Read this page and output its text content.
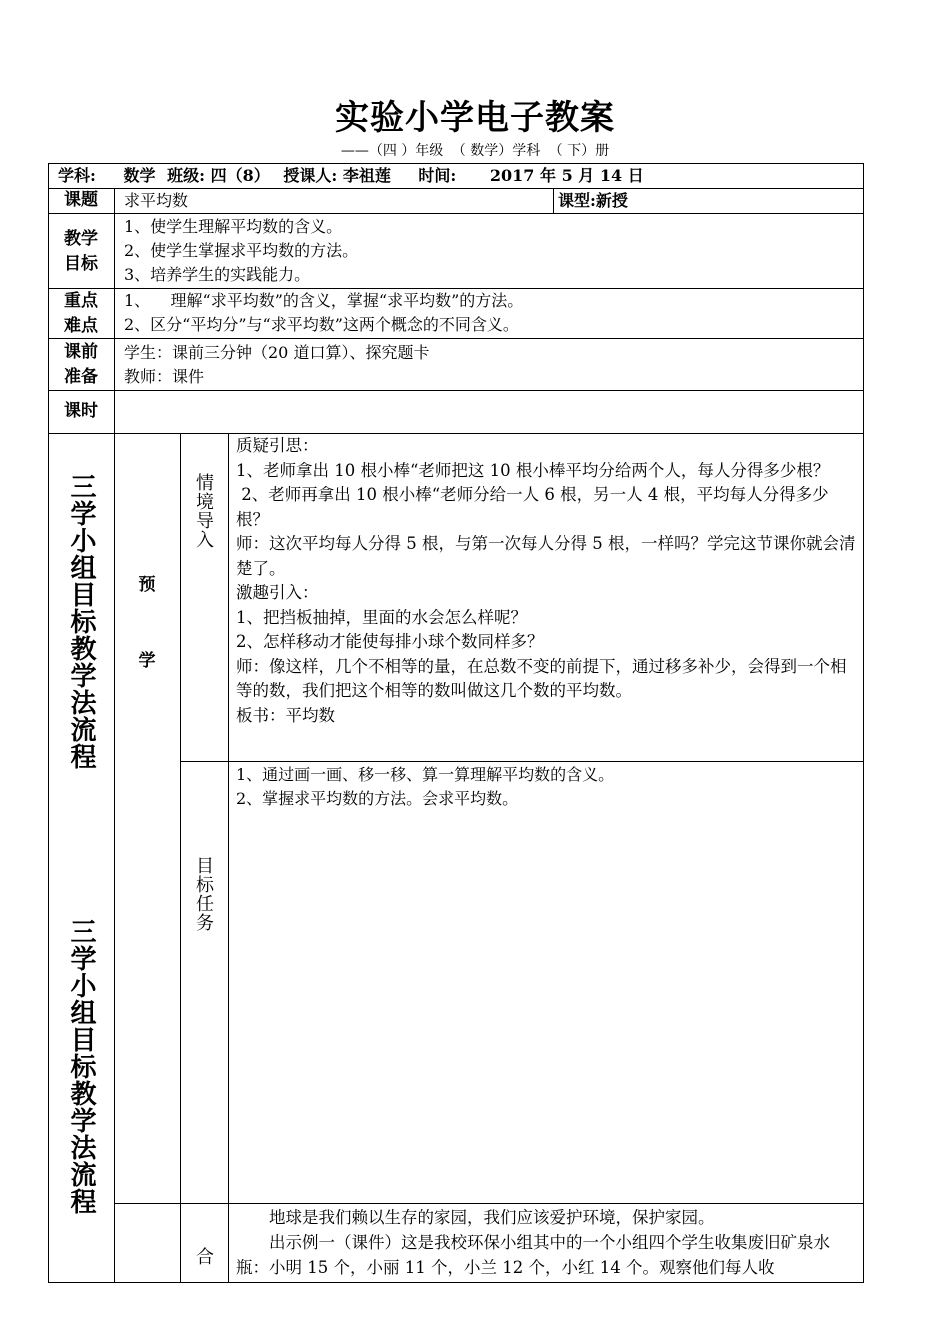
实验小学电子教案
——（四 ）年级 （ 数学）学科 （ 下）册
学科: 数学 班级: 四（8） 授课人: 李祖莲 时间: 2017 年 5 月 14 日
课题	求平均数	课型:新授

教学

目标

1、使学生理解平均数的含义。

2、使学生掌握求平均数的方法。

3、培养学生的实践能力。

重点

难点

1、    理解“求平均数”的含义，掌握“求平均数”的方法。

2、区分“平均分”与“求平均数”这两个概念的不同含义。

课前

准备

学生：课前三分钟（20 道口算）、探究题卡

教师：课件

课时
三学小组目标教学法流程
三学小组目标教学法流程
预
学
情境导入
目标任务
合

质疑引思：

1、老师拿出 10 根小棒“老师把这 10 根小棒平均分给两个人，每人分得多少根？

2、老师再拿出 10 根小棒“老师分给一人 6 根，另一人 4 根，平均每人分得多少根？

师：这次平均每人分得 5 根，与第一次每人分得 5 根，一样吗？学完这节课你就会清楚了。

激趣引入：

1、把挡板抽掉，里面的水会怎么样呢？

2、怎样移动才能使每排小球个数同样多？

师：像这样，几个不相等的量，在总数不变的前提下，通过移多补少，会得到一个相等的数，我们把这个相等的数叫做这几个数的平均数。

板书：平均数

1、通过画一画、移一移、算一算理解平均数的含义。

2、掌握求平均数的方法。会求平均数。

地球是我们赖以生存的家园，我们应该爱护环境，保护家园。

出示例一（课件）这是我校环保小组其中的一个小组四个学生收集废旧矿泉水瓶：小明 15 个，小丽 11 个，小兰 12 个，小红 14 个。观察他们每人收
